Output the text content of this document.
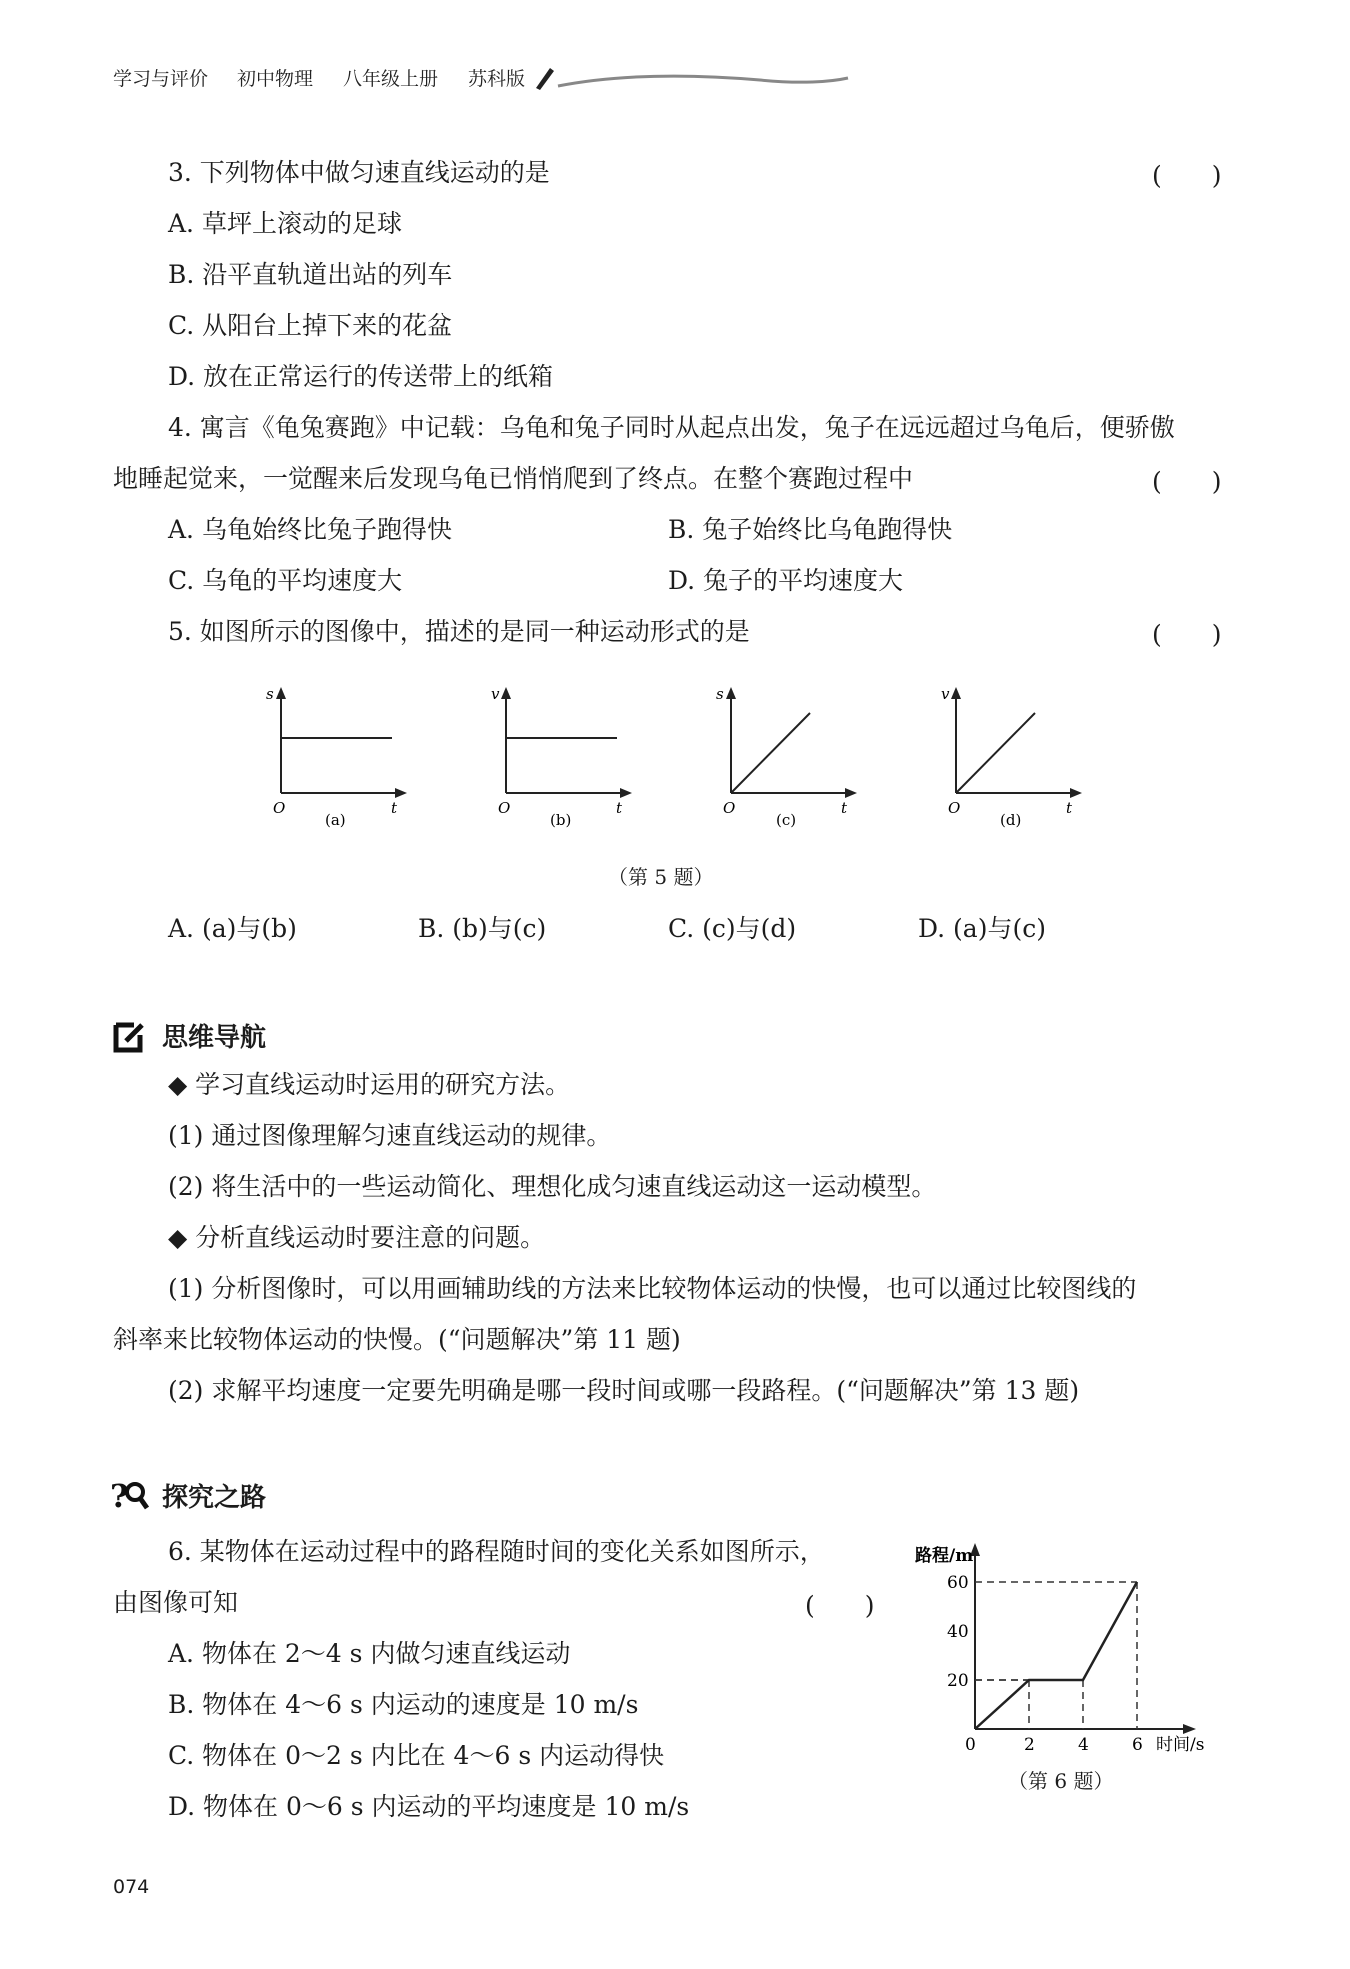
学习与评价 初中物理 八年级上册 苏科版
3. 下列物体中做匀速直线运动的是	(　　)
A. 草坪上滚动的足球
B. 沿平直轨道出站的列车
C. 从阳台上掉下来的花盆
D. 放在正常运行的传送带上的纸箱
4. 寓言《龟兔赛跑》中记载：乌龟和兔子同时从起点出发，兔子在远远超过乌龟后，便骄傲
地睡起觉来，一觉醒来后发现乌龟已悄悄爬到了终点。在整个赛跑过程中	(　　)
A. 乌龟始终比兔子跑得快	B. 兔子始终比乌龟跑得快
C. 乌龟的平均速度大	D. 兔子的平均速度大
5. 如图所示的图像中，描述的是同一种运动形式的是	(　　)
s
O	t
(a)
v
O	t
(b)
s
O	t
(c)
v
O	t
(d)
（第 5 题）
A. (a)与(b)	B. (b)与(c)	C. (c)与(d)	D. (a)与(c)
思维导航
◆ 学习直线运动时运用的研究方法。
(1) 通过图像理解匀速直线运动的规律。
(2) 将生活中的一些运动简化、理想化成匀速直线运动这一运动模型。
◆ 分析直线运动时要注意的问题。
(1) 分析图像时，可以用画辅助线的方法来比较物体运动的快慢，也可以通过比较图线的
斜率来比较物体运动的快慢。(“问题解决”第 11 题)
(2) 求解平均速度一定要先明确是哪一段时间或哪一段路程。(“问题解决”第 13 题)
? 探究之路
6. 某物体在运动过程中的路程随时间的变化关系如图所示，
由图像可知	(　　)
A. 物体在 2～4 s 内做匀速直线运动
B. 物体在 4～6 s 内运动的速度是 10 m/s
C. 物体在 0～2 s 内比在 4～6 s 内运动得快
D. 物体在 0～6 s 内运动的平均速度是 10 m/s
路程/m
时间/s
0	2	4	6
20
40
60
（第 6 题）
074
